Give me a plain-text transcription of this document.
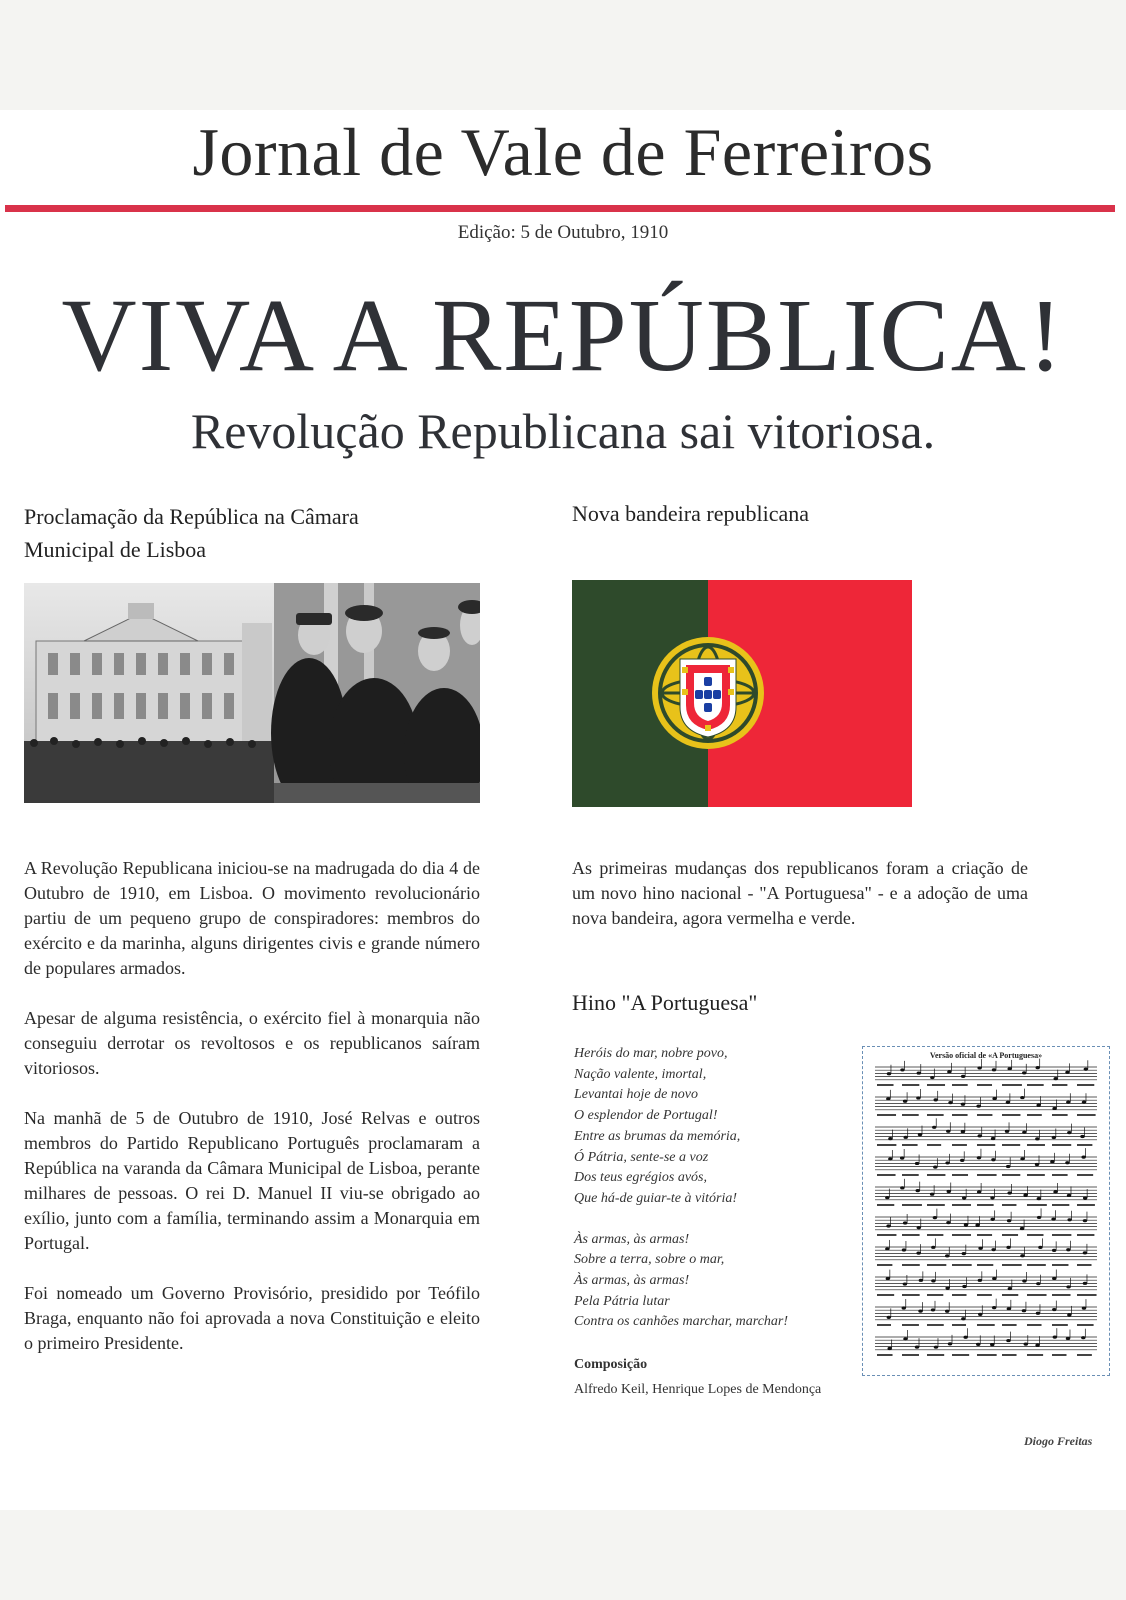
Jornal de Vale de Ferreiros
Edição: 5 de Outubro, 1910
VIVA A REPÚBLICA!
Revolução Republicana sai vitoriosa.
Proclamação da República na Câmara
Municipal de Lisboa

A Revolução Republicana iniciou-se na madrugada do dia 4 de Outubro de 1910, em Lisboa. O movimento revolucionário partiu de um pequeno grupo de conspiradores: membros do exército e da marinha, alguns dirigentes civis e grande número de populares armados.

Apesar de alguma resistência, o exército fiel à monarquia não conseguiu derrotar os revoltosos e os republicanos saíram vitoriosos.

Na manhã de 5 de Outubro de 1910, José Relvas e outros membros do Partido Republicano Português proclamaram a República na varanda da Câmara Municipal de Lisboa, perante milhares de pessoas. O rei D. Manuel II viu-se obrigado ao exílio, junto com a família, terminando assim a Monarquia em Portugal.

Foi nomeado um Governo Provisório, presidido por Teófilo Braga, enquanto não foi aprovada a nova Constituição e eleito o primeiro Presidente.

Nova bandeira republicana

As primeiras mudanças dos republicanos foram a criação de um novo hino nacional - "A Portuguesa" - e a adoção de uma nova bandeira, agora vermelha e verde.

Hino "A Portuguesa"
Heróis do mar, nobre povo,
Nação valente, imortal,
Levantai hoje de novo
O esplendor de Portugal!
Entre as brumas da memória,
Ó Pátria, sente-se a voz
Dos teus egrégios avós,
Que há-de guiar-te à vitória!
Às armas, às armas!
Sobre a terra, sobre o mar,
Às armas, às armas!
Pela Pátria lutar
Contra os canhões marchar, marchar!
Composição
Alfredo Keil, Henrique Lopes de Mendonça
Versão oficial de «A Portuguesa»
Diogo Freitas
